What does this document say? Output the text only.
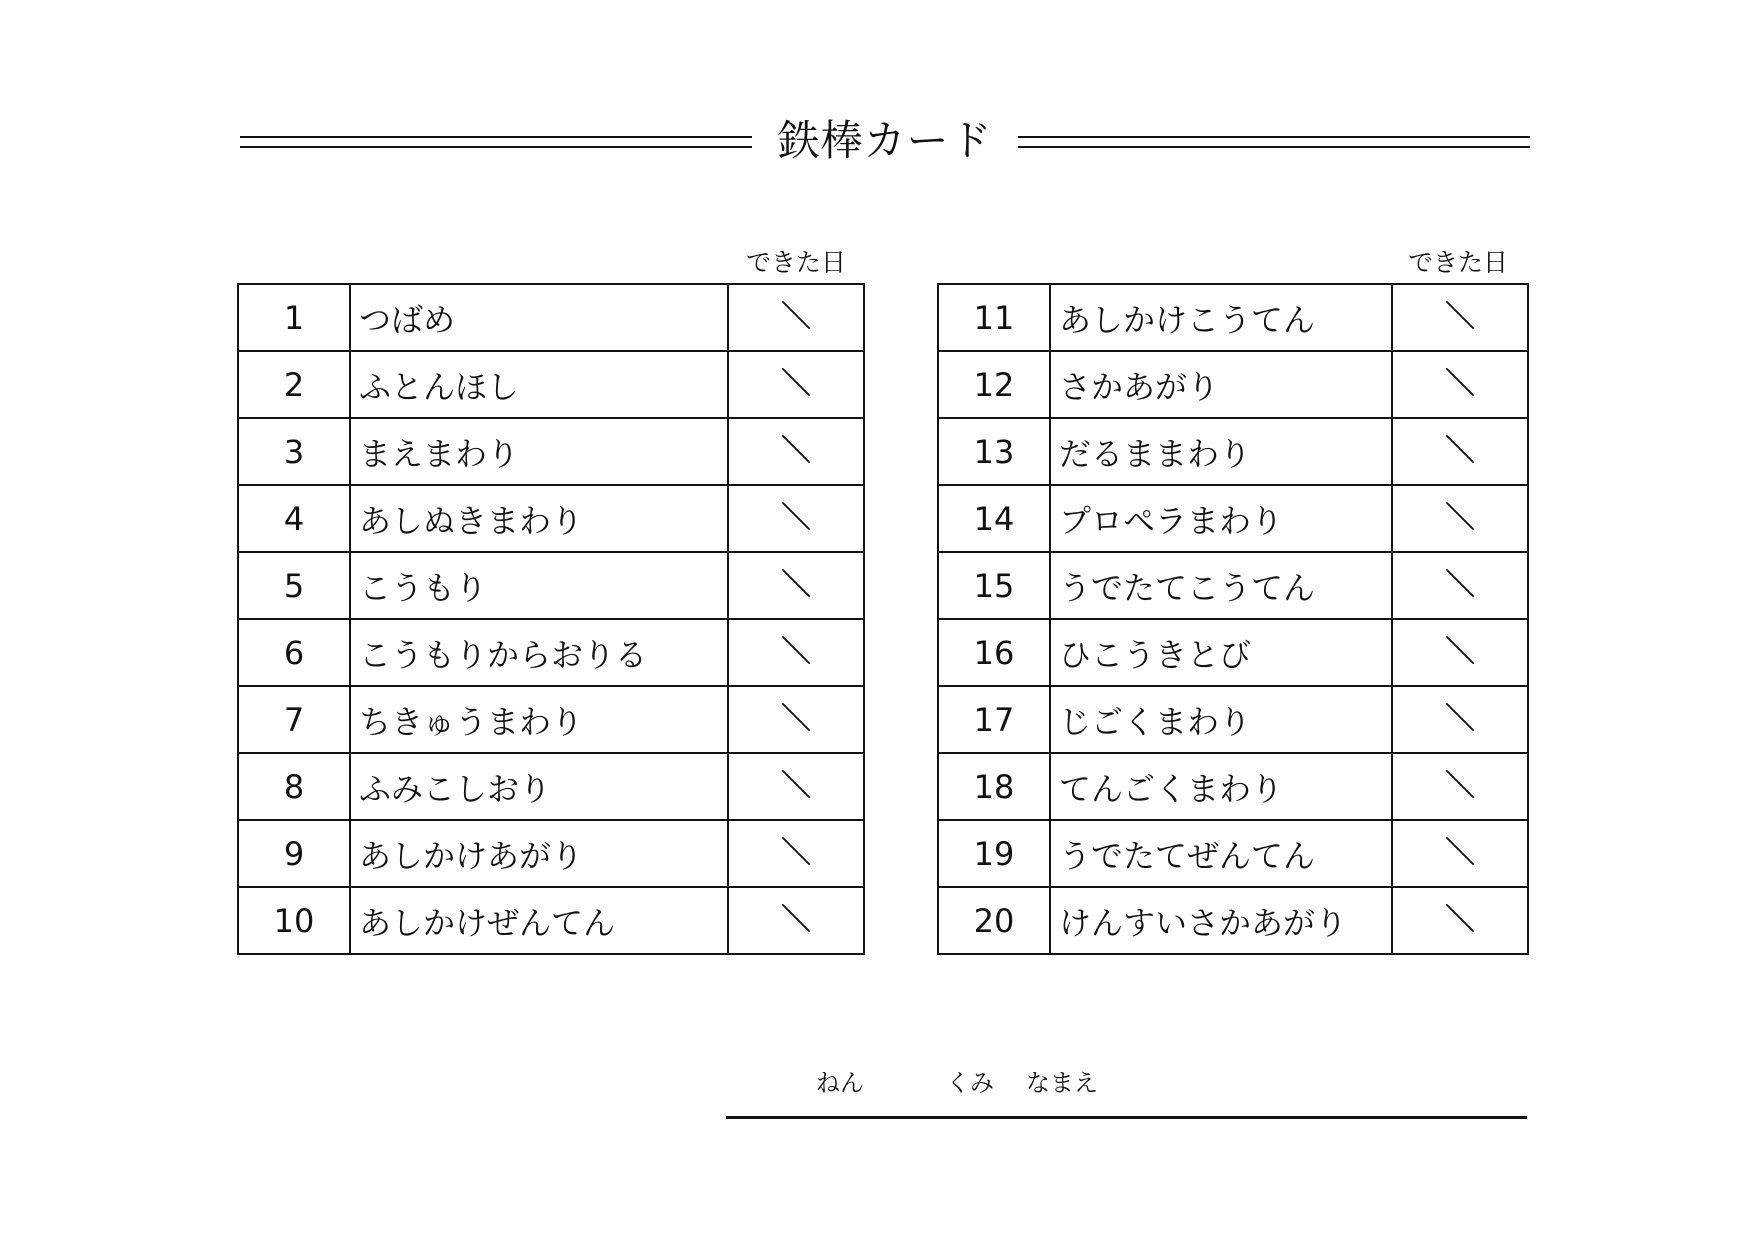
鉄棒カード
できた日	できた日
1	つばめ	
2	ふとんほし	
3	まえまわり	
4	あしぬきまわり	
5	こうもり	
6	こうもりからおりる	
7	ちきゅうまわり	
8	ふみこしおり	
9	あしかけあがり	
10	あしかけぜんてん	
11	あしかけこうてん	
12	さかあがり	
13	だるままわり	
14	プロペラまわり	
15	うでたてこうてん	
16	ひこうきとび	
17	じごくまわり	
18	てんごくまわり	
19	うでたてぜんてん	
20	けんすいさかあがり	
ねん	くみ なまえ
